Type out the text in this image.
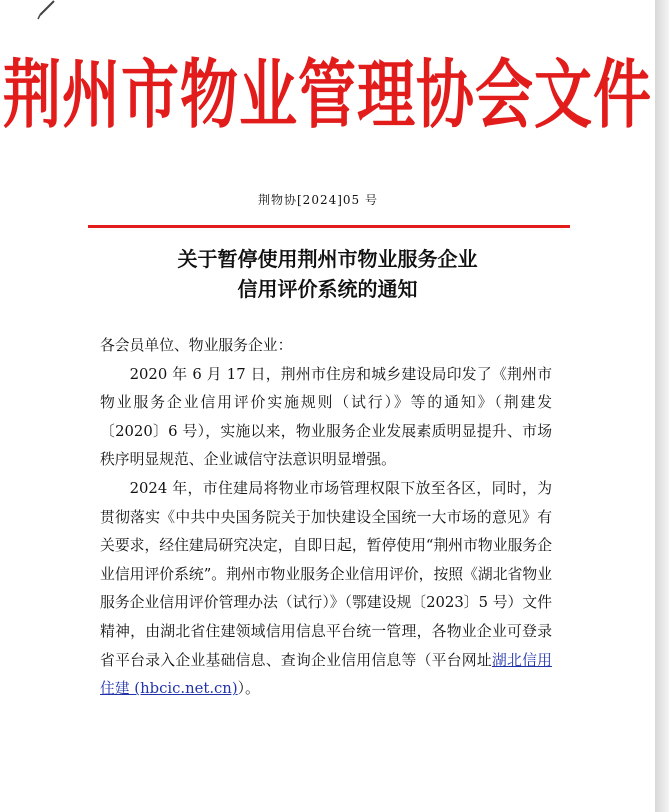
荆州市物业管理协会文件
荆物协[2024]05 号
关于暂停使用荆州市物业服务企业
信用评价系统的通知

各会员单位、物业服务企业：

2020 年 6 月 17 日，荆州市住房和城乡建设局印发了《荆州市物业服务企业信用评价实施规则（试行）》等的通知》（荆建发〔2020〕6 号），实施以来，物业服务企业发展素质明显提升、市场秩序明显规范、企业诚信守法意识明显增强。

2024 年，市住建局将物业市场管理权限下放至各区，同时，为贯彻落实《中共中央国务院关于加快建设全国统一大市场的意见》有关要求，经住建局研究决定，自即日起，暂停使用“荆州市物业服务企业信用评价系统”。荆州市物业服务企业信用评价，按照《湖北省物业服务企业信用评价管理办法（试行）》（鄂建设规〔2023〕5 号）文件精神，由湖北省住建领域信用信息平台统一管理，各物业企业可登录省平台录入企业基础信息、查询企业信用信息等（平台网址湖北信用住建 (hbcic.net.cn)）。
